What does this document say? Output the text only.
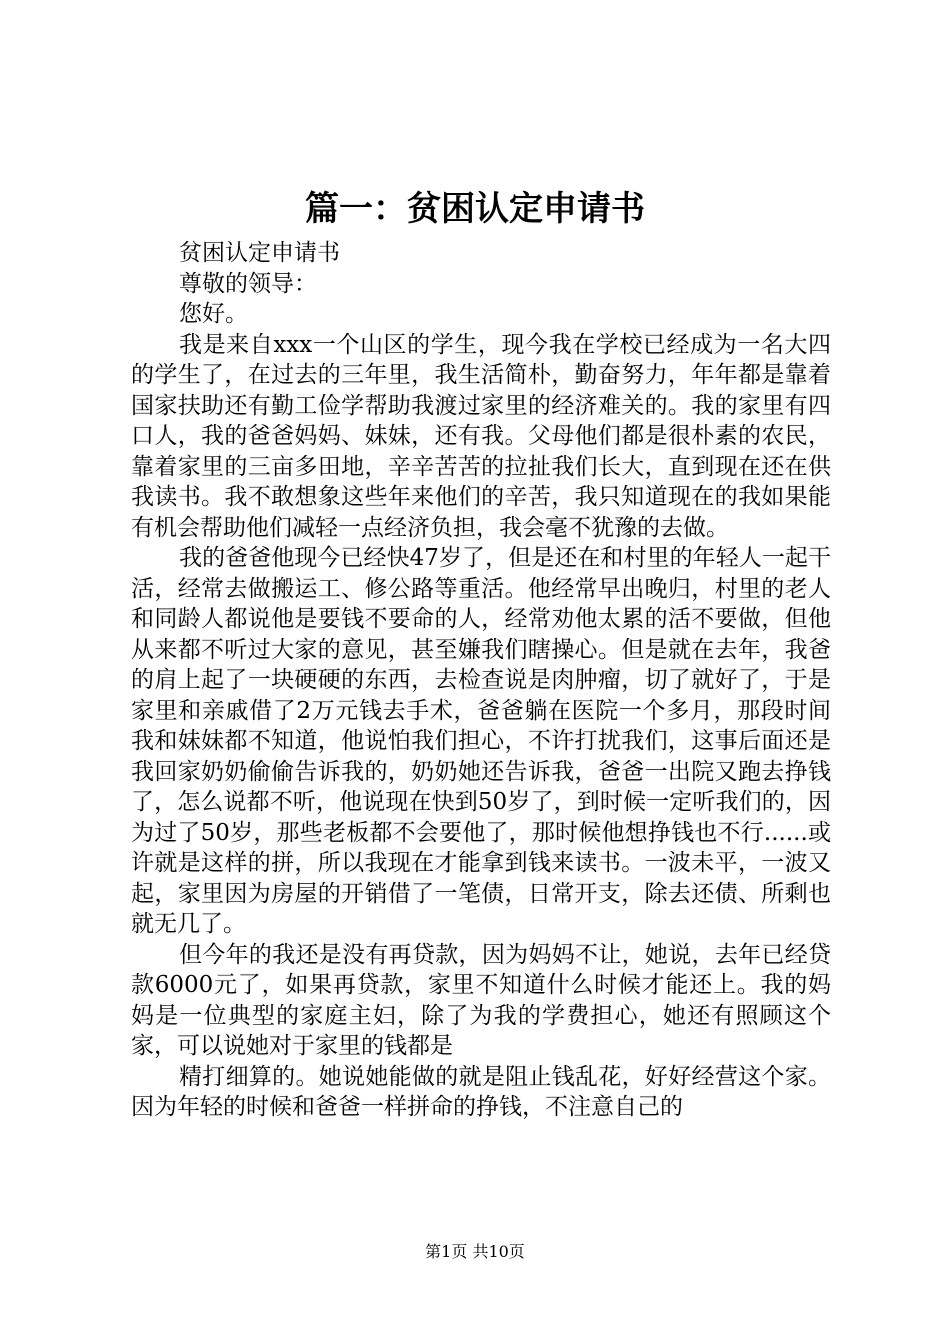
篇一：贫困认定申请书

贫困认定申请书

尊敬的领导：

您好。

我是来自xxx一个山区的学生，现今我在学校已经成为一名大四的学生了，在过去的三年里，我生活简朴，勤奋努力，年年都是靠着国家扶助还有勤工俭学帮助我渡过家里的经济难关的。我的家里有四口人，我的爸爸妈妈、妹妹，还有我。父母他们都是很朴素的农民，靠着家里的三亩多田地，辛辛苦苦的拉扯我们长大，直到现在还在供我读书。我不敢想象这些年来他们的辛苦，我只知道现在的我如果能有机会帮助他们减轻一点经济负担，我会毫不犹豫的去做。

我的爸爸他现今已经快47岁了，但是还在和村里的年轻人一起干活，经常去做搬运工、修公路等重活。他经常早出晚归，村里的老人和同龄人都说他是要钱不要命的人，经常劝他太累的活不要做，但他从来都不听过大家的意见，甚至嫌我们瞎操心。但是就在去年，我爸的肩上起了一块硬硬的东西，去检查说是肉肿瘤，切了就好了，于是家里和亲戚借了2万元钱去手术，爸爸躺在医院一个多月，那段时间我和妹妹都不知道，他说怕我们担心，不许打扰我们，这事后面还是我回家奶奶偷偷告诉我的，奶奶她还告诉我，爸爸一出院又跑去挣钱了，怎么说都不听，他说现在快到50岁了，到时候一定听我们的，因为过了50岁，那些老板都不会要他了，那时候他想挣钱也不行......或许就是这样的拼，所以我现在才能拿到钱来读书。一波未平，一波又起，家里因为房屋的开销借了一笔债，日常开支，除去还债、所剩也就无几了。

但今年的我还是没有再贷款，因为妈妈不让，她说，去年已经贷款6000元了，如果再贷款，家里不知道什么时候才能还上。我的妈妈是一位典型的家庭主妇，除了为我的学费担心，她还有照顾这个家，可以说她对于家里的钱都是

精打细算的。她说她能做的就是阻止钱乱花，好好经营这个家。因为年轻的时候和爸爸一样拼命的挣钱，不注意自己的

第1页 共10页
